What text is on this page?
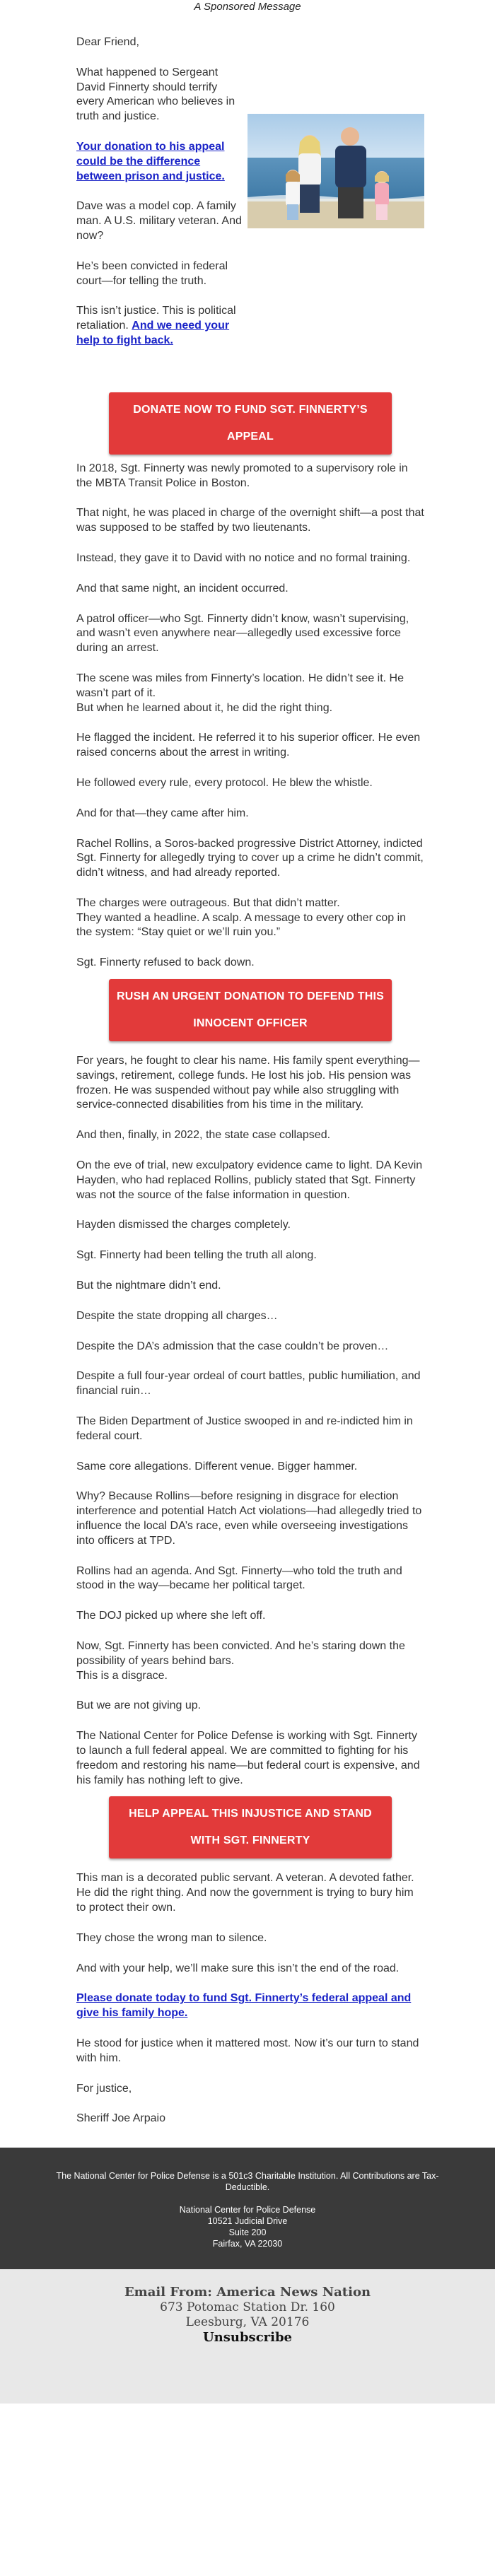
A Sponsored Message

Dear Friend,

What happened to Sergeant David Finnerty should terrify every American who believes in truth and justice.

Your donation to his appeal could be the difference between prison and justice.

Dave was a model cop. A family man. A U.S. military veteran. And now?

He’s been convicted in federal court—for telling the truth.

This isn’t justice. This is political retaliation. And we need your help to fight back.

DONATE NOW TO FUND SGT. FINNERTY’S APPEAL

In 2018, Sgt. Finnerty was newly promoted to a supervisory role in the MBTA Transit Police in Boston.

That night, he was placed in charge of the overnight shift—a post that was supposed to be staffed by two lieutenants.

Instead, they gave it to David with no notice and no formal training.

And that same night, an incident occurred.

A patrol officer—who Sgt. Finnerty didn’t know, wasn’t supervising, and wasn’t even anywhere near—allegedly used excessive force during an arrest.

The scene was miles from Finnerty’s location. He didn’t see it. He wasn’t part of it.
But when he learned about it, he did the right thing.

He flagged the incident. He referred it to his superior officer. He even raised concerns about the arrest in writing.

He followed every rule, every protocol. He blew the whistle.

And for that—they came after him.

Rachel Rollins, a Soros-backed progressive District Attorney, indicted Sgt. Finnerty for allegedly trying to cover up a crime he didn’t commit, didn’t witness, and had already reported.

The charges were outrageous. But that didn’t matter.
They wanted a headline. A scalp. A message to every other cop in the system: “Stay quiet or we’ll ruin you.”

Sgt. Finnerty refused to back down.

RUSH AN URGENT DONATION TO DEFEND THIS INNOCENT OFFICER

For years, he fought to clear his name. His family spent everything—savings, retirement, college funds. He lost his job. His pension was frozen. He was suspended without pay while also struggling with service-connected disabilities from his time in the military.

And then, finally, in 2022, the state case collapsed.

On the eve of trial, new exculpatory evidence came to light. DA Kevin Hayden, who had replaced Rollins, publicly stated that Sgt. Finnerty was not the source of the false information in question.

Hayden dismissed the charges completely.

Sgt. Finnerty had been telling the truth all along.

But the nightmare didn’t end.

Despite the state dropping all charges…

Despite the DA’s admission that the case couldn’t be proven…

Despite a full four-year ordeal of court battles, public humiliation, and financial ruin…

The Biden Department of Justice swooped in and re-indicted him in federal court.

Same core allegations. Different venue. Bigger hammer.

Why? Because Rollins—before resigning in disgrace for election interference and potential Hatch Act violations—had allegedly tried to influence the local DA’s race, even while overseeing investigations into officers at TPD.

Rollins had an agenda. And Sgt. Finnerty—who told the truth and stood in the way—became her political target.

The DOJ picked up where she left off.

Now, Sgt. Finnerty has been convicted. And he’s staring down the possibility of years behind bars.
This is a disgrace.

But we are not giving up.

The National Center for Police Defense is working with Sgt. Finnerty to launch a full federal appeal. We are committed to fighting for his freedom and restoring his name—but federal court is expensive, and his family has nothing left to give.

HELP APPEAL THIS INJUSTICE AND STAND WITH SGT. FINNERTY

This man is a decorated public servant. A veteran. A devoted father. He did the right thing. And now the government is trying to bury him to protect their own.

They chose the wrong man to silence.

And with your help, we’ll make sure this isn’t the end of the road.

Please donate today to fund Sgt. Finnerty’s federal appeal and give his family hope.

He stood for justice when it mattered most. Now it’s our turn to stand with him.

For justice,

Sheriff Joe Arpaio

The National Center for Police Defense is a 501c3 Charitable Institution. All Contributions are Tax-Deductible.

National Center for Police Defense

10521 Judicial Drive

Suite 200

Fairfax, VA 22030

Email From: America News Nation
673 Potomac Station Dr. 160
Leesburg, VA 20176
Unsubscribe
